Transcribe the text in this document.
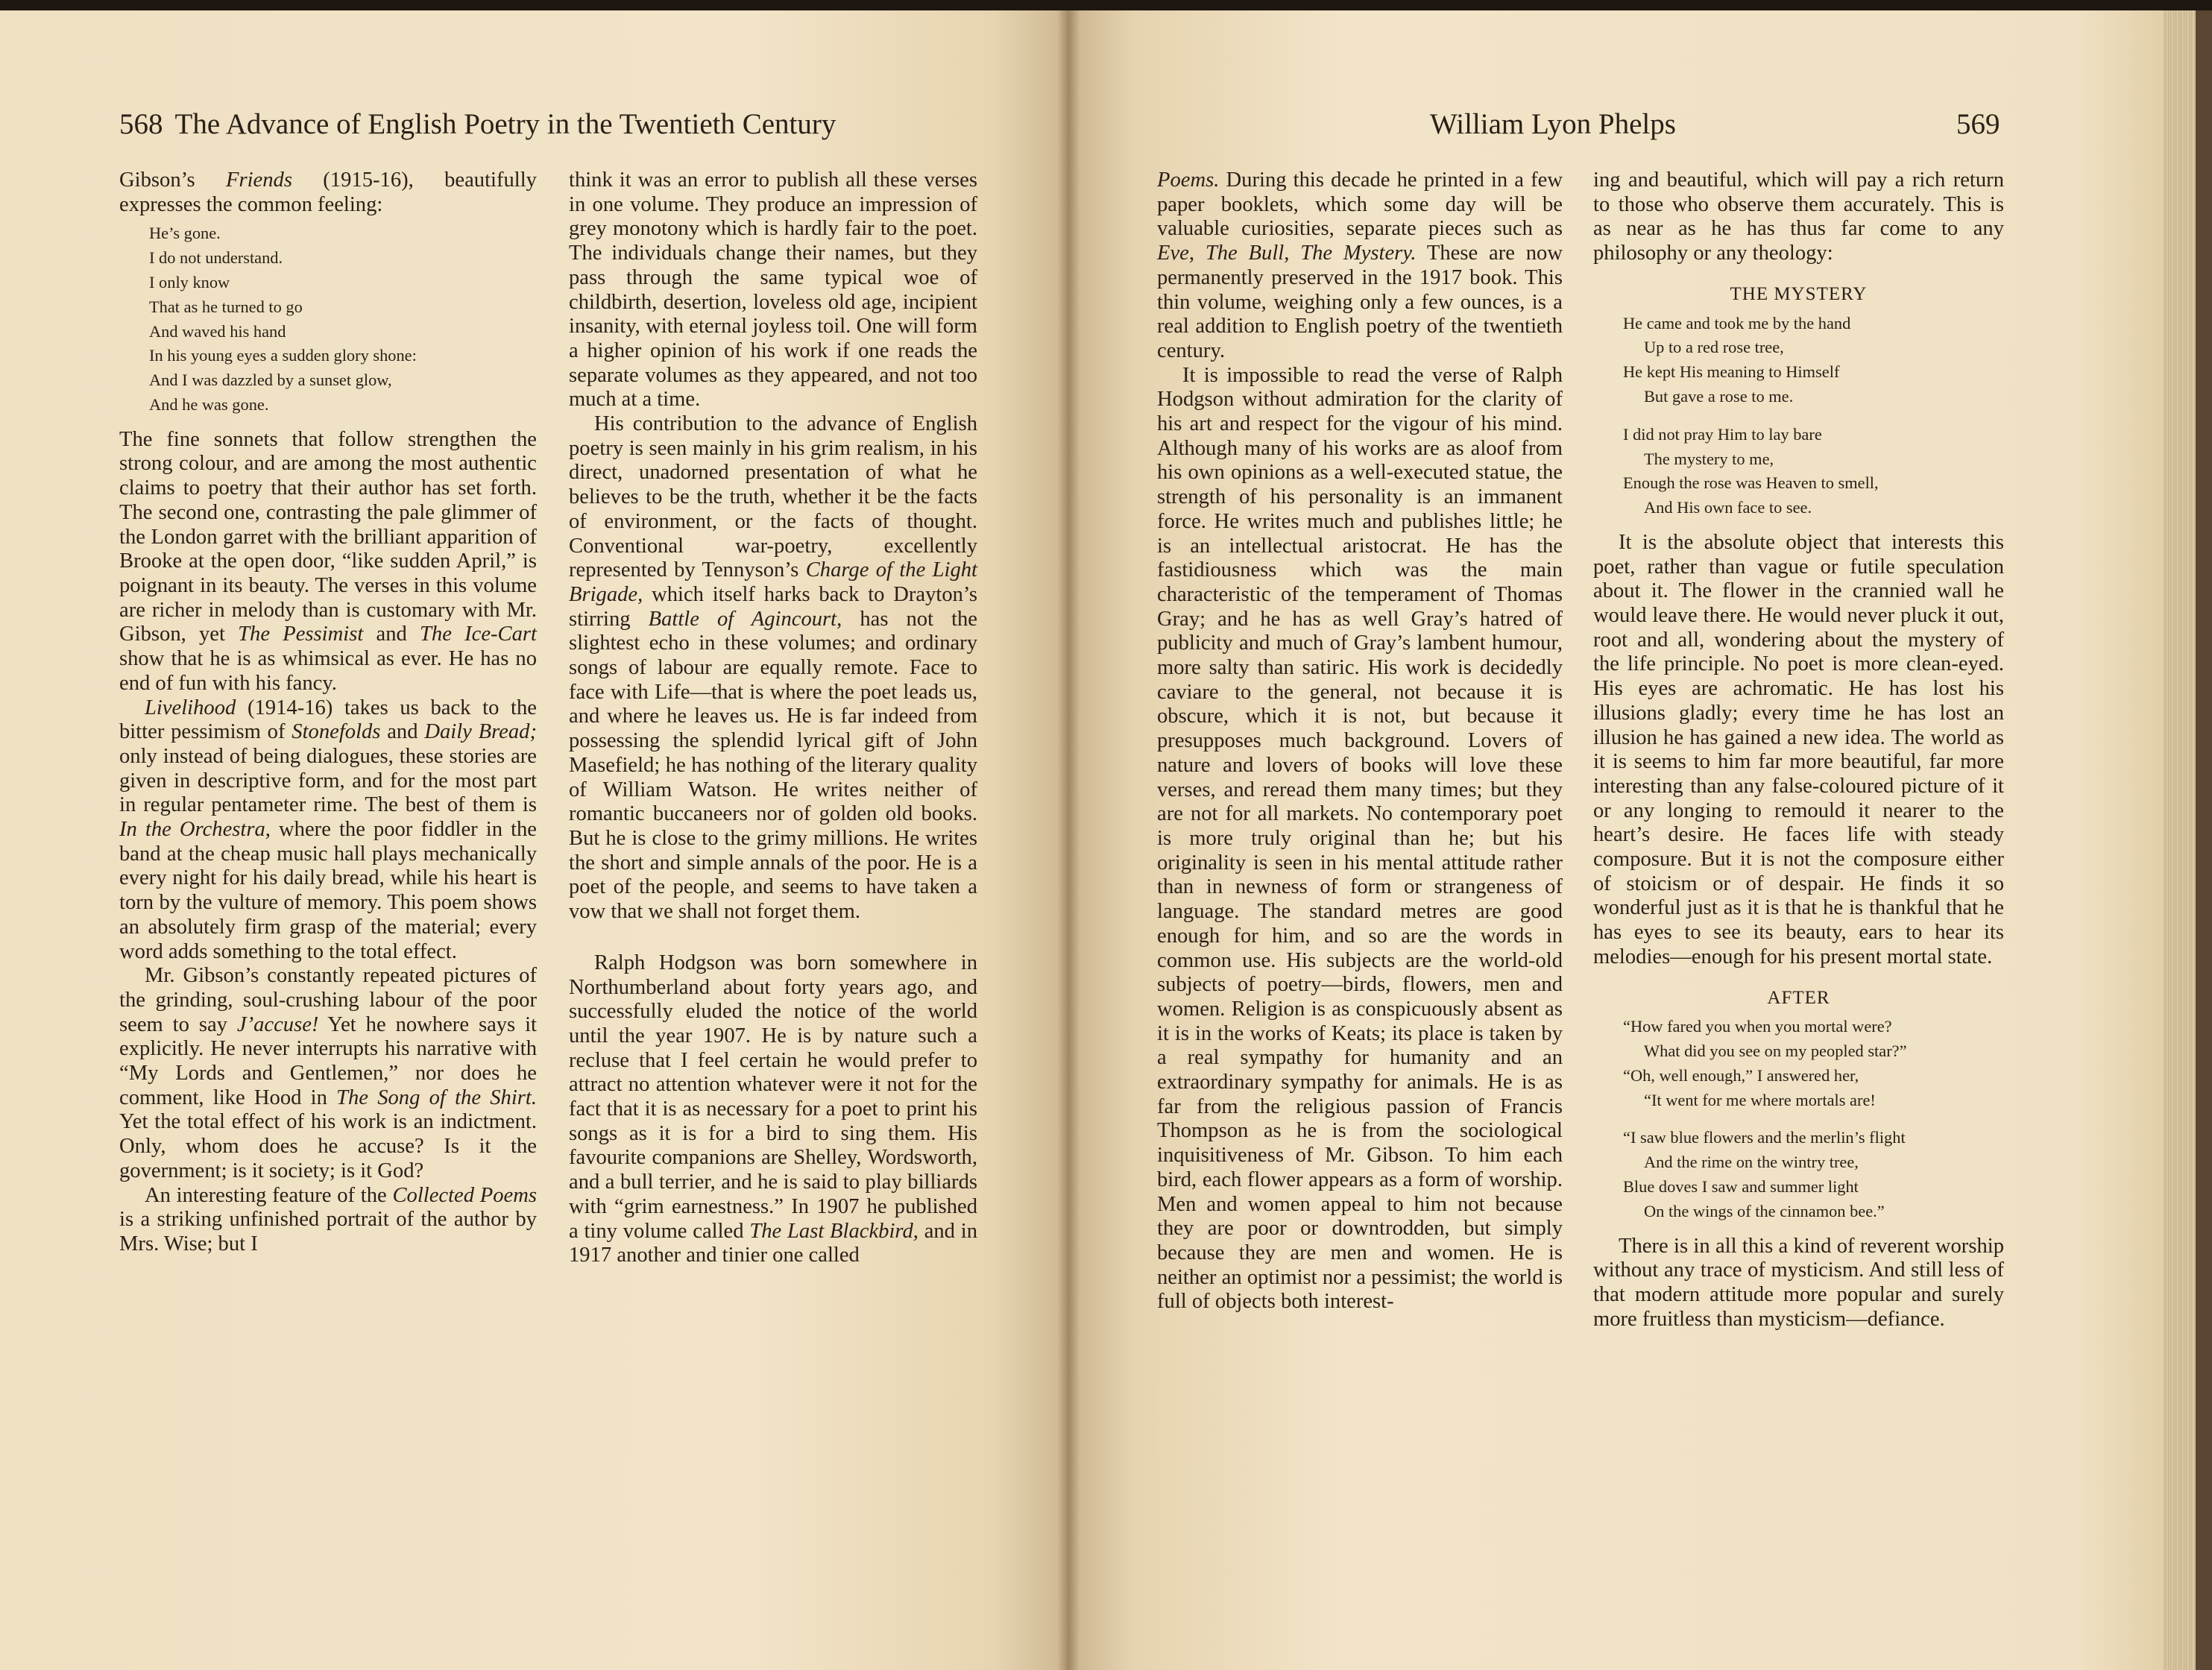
568 The Advance of English Poetry in the Twentieth Century	William Lyon Phelps	569

Gibson’s Friends (1915-16), beautifully expresses the common feeling:

He’s gone.
I do not understand.
I only know
That as he turned to go
And waved his hand
In his young eyes a sudden glory shone:
And I was dazzled by a sunset glow,
And he was gone.

The fine sonnets that follow strengthen the strong colour, and are among the most authentic claims to poetry that their author has set forth. The second one, contrasting the pale glimmer of the London garret with the brilliant apparition of Brooke at the open door, “like sudden April,” is poignant in its beauty. The verses in this volume are richer in melody than is customary with Mr. Gibson, yet The Pessimist and The Ice-Cart show that he is as whimsical as ever. He has no end of fun with his fancy.

Livelihood (1914-16) takes us back to the bitter pessimism of Stonefolds and Daily Bread; only instead of being dialogues, these stories are given in descriptive form, and for the most part in regular pentameter rime. The best of them is In the Orchestra, where the poor fiddler in the band at the cheap music hall plays mechanically every night for his daily bread, while his heart is torn by the vulture of memory. This poem shows an absolutely firm grasp of the material; every word adds something to the total effect.

Mr. Gibson’s constantly repeated pictures of the grinding, soul-crushing labour of the poor seem to say J’accuse! Yet he nowhere says it explicitly. He never interrupts his narrative with “My Lords and Gentlemen,” nor does he comment, like Hood in The Song of the Shirt. Yet the total effect of his work is an indictment. Only, whom does he accuse? Is it the government; is it society; is it God?

An interesting feature of the Collected Poems is a striking unfinished portrait of the author by Mrs. Wise; but I

think it was an error to publish all these verses in one volume. They produce an impression of grey monotony which is hardly fair to the poet. The individuals change their names, but they pass through the same typical woe of childbirth, desertion, loveless old age, incipient insanity, with eternal joyless toil. One will form a higher opinion of his work if one reads the separate volumes as they appeared, and not too much at a time.

His contribution to the advance of English poetry is seen mainly in his grim realism, in his direct, unadorned presentation of what he believes to be the truth, whether it be the facts of environment, or the facts of thought. Conventional war-poetry, excellently represented by Tennyson’s Charge of the Light Brigade, which itself harks back to Drayton’s stirring Battle of Agincourt, has not the slightest echo in these volumes; and ordinary songs of labour are equally remote. Face to face with Life—that is where the poet leads us, and where he leaves us. He is far indeed from possessing the splendid lyrical gift of John Masefield; he has nothing of the literary quality of William Watson. He writes neither of romantic buccaneers nor of golden old books. But he is close to the grimy millions. He writes the short and simple annals of the poor. He is a poet of the people, and seems to have taken a vow that we shall not forget them.

Ralph Hodgson was born somewhere in Northumberland about forty years ago, and successfully eluded the notice of the world until the year 1907. He is by nature such a recluse that I feel certain he would prefer to attract no attention whatever were it not for the fact that it is as necessary for a poet to print his songs as it is for a bird to sing them. His favourite companions are Shelley, Wordsworth, and a bull terrier, and he is said to play billiards with “grim earnestness.” In 1907 he published a tiny volume called The Last Blackbird, and in 1917 another and tinier one called

Poems. During this decade he printed in a few paper booklets, which some day will be valuable curiosities, separate pieces such as Eve, The Bull, The Mystery. These are now permanently preserved in the 1917 book. This thin volume, weighing only a few ounces, is a real addition to English poetry of the twentieth century.

It is impossible to read the verse of Ralph Hodgson without admiration for the clarity of his art and respect for the vigour of his mind. Although many of his works are as aloof from his own opinions as a well-executed statue, the strength of his personality is an immanent force. He writes much and publishes little; he is an intellectual aristocrat. He has the fastidiousness which was the main characteristic of the temperament of Thomas Gray; and he has as well Gray’s hatred of publicity and much of Gray’s lambent humour, more salty than satiric. His work is decidedly caviare to the general, not because it is obscure, which it is not, but because it presupposes much background. Lovers of nature and lovers of books will love these verses, and reread them many times; but they are not for all markets. No contemporary poet is more truly original than he; but his originality is seen in his mental attitude rather than in newness of form or strangeness of language. The standard metres are good enough for him, and so are the words in common use. His subjects are the world-old subjects of poetry—birds, flowers, men and women. Religion is as conspicuously absent as it is in the works of Keats; its place is taken by a real sympathy for humanity and an extraordinary sympathy for animals. He is as far from the religious passion of Francis Thompson as he is from the sociological inquisitiveness of Mr. Gibson. To him each bird, each flower appears as a form of worship. Men and women appeal to him not because they are poor or downtrodden, but simply because they are men and women. He is neither an optimist nor a pessimist; the world is full of objects both interest-

ing and beautiful, which will pay a rich return to those who observe them accurately. This is as near as he has thus far come to any philosophy or any theology:

THE MYSTERY
He came and took me by the hand
Up to a red rose tree,
He kept His meaning to Himself
But gave a rose to me.
I did not pray Him to lay bare
The mystery to me,
Enough the rose was Heaven to smell,
And His own face to see.

It is the absolute object that interests this poet, rather than vague or futile speculation about it. The flower in the crannied wall he would leave there. He would never pluck it out, root and all, wondering about the mystery of the life principle. No poet is more clean-eyed. His eyes are achromatic. He has lost his illusions gladly; every time he has lost an illusion he has gained a new idea. The world as it is seems to him far more beautiful, far more interesting than any false-coloured picture of it or any longing to remould it nearer to the heart’s desire. He faces life with steady composure. But it is not the composure either of stoicism or of despair. He finds it so wonderful just as it is that he is thankful that he has eyes to see its beauty, ears to hear its melodies—enough for his present mortal state.

AFTER
“How fared you when you mortal were?
What did you see on my peopled star?”
“Oh, well enough,” I answered her,
“It went for me where mortals are!
“I saw blue flowers and the merlin’s flight
And the rime on the wintry tree,
Blue doves I saw and summer light
On the wings of the cinnamon bee.”

There is in all this a kind of reverent worship without any trace of mysticism. And still less of that modern attitude more popular and surely more fruitless than mysticism—defiance.
